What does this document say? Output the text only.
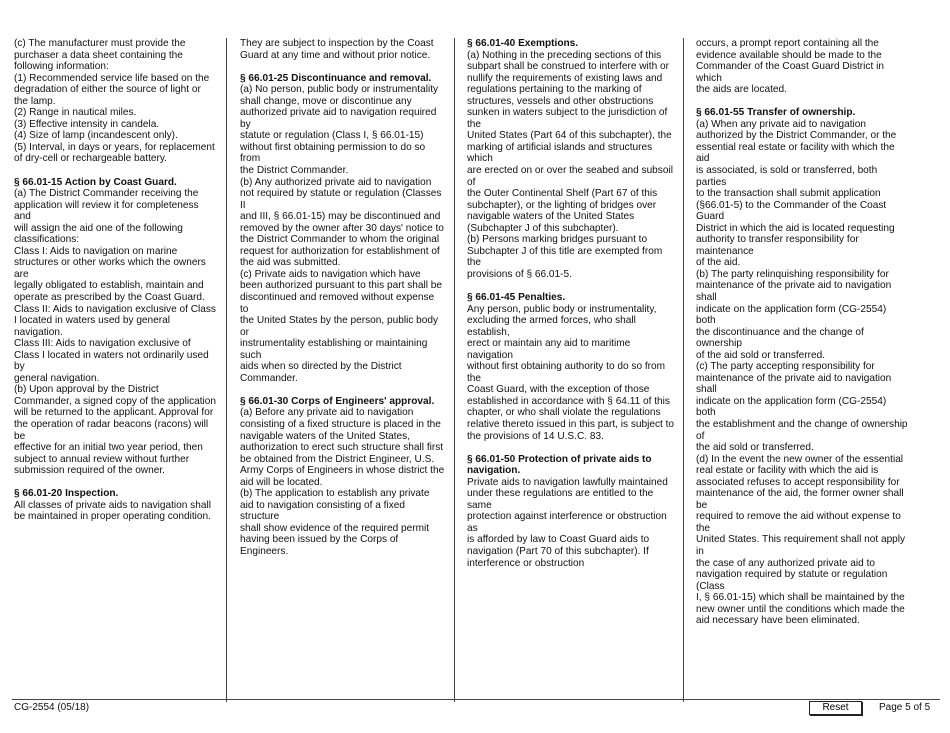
(c) The manufacturer must provide the
purchaser a data sheet containing the
following information:
(1) Recommended service life based on the
degradation of either the source of light or
the lamp.
(2) Range in nautical miles.
(3) Effective intensity in candela.
(4) Size of lamp (incandescent only).
(5) Interval, in days or years, for replacement
of dry-cell or rechargeable battery.
§ 66.01-15 Action by Coast Guard.
(a) The District Commander receiving the
application will review it for completeness and
will assign the aid one of the following
classifications:
Class I: Aids to navigation on marine
structures or other works which the owners are
legally obligated to establish, maintain and
operate as prescribed by the Coast Guard.
Class II: Aids to navigation exclusive of Class
I located in waters used by general navigation.
Class III: Aids to navigation exclusive of
Class I located in waters not ordinarily used by
general navigation.
(b) Upon approval by the District
Commander, a signed copy of the application
will be returned to the applicant. Approval for
the operation of radar beacons (racons) will be
effective for an initial two year period, then
subject to annual review without further
submission required of the owner.
§ 66.01-20 Inspection.
All classes of private aids to navigation shall
be maintained in proper operating condition.
They are subject to inspection by the Coast
Guard at any time and without prior notice.
§ 66.01-25 Discontinuance and removal.
(a) No person, public body or instrumentality
shall change, move or discontinue any
authorized private aid to navigation required by
statute or regulation (Class I, § 66.01-15)
without first obtaining permission to do so from
the District Commander.
(b) Any authorized private aid to navigation
not required by statute or regulation (Classes II
and III, § 66.01-15) may be discontinued and
removed by the owner after 30 days' notice to
the District Commander to whom the original
request for authorization for establishment of
the aid was submitted.
(c) Private aids to navigation which have
been authorized pursuant to this part shall be
discontinued and removed without expense to
the United States by the person, public body or
instrumentality establishing or maintaining such
aids when so directed by the District
Commander.
§ 66.01-30 Corps of Engineers' approval.
(a) Before any private aid to navigation
consisting of a fixed structure is placed in the
navigable waters of the United States,
authorization to erect such structure shall first
be obtained from the District Engineer, U.S.
Army Corps of Engineers in whose district the
aid will be located.
(b) The application to establish any private
aid to navigation consisting of a fixed structure
shall show evidence of the required permit
having been issued by the Corps of Engineers.
§ 66.01-40 Exemptions.
(a) Nothing in the preceding sections of this
subpart shall be construed to interfere with or
nullify the requirements of existing laws and
regulations pertaining to the marking of
structures, vessels and other obstructions
sunken in waters subject to the jurisdiction of the
United States (Part 64 of this subchapter), the
marking of artificial islands and structures which
are erected on or over the seabed and subsoil of
the Outer Continental Shelf (Part 67 of this
subchapter), or the lighting of bridges over
navigable waters of the United States
(Subchapter J of this subchapter).
(b) Persons marking bridges pursuant to
Subchapter J of this title are exempted from the
provisions of § 66.01-5.
§ 66.01-45 Penalties.
Any person, public body or instrumentality,
excluding the armed forces, who shall establish,
erect or maintain any aid to maritime navigation
without first obtaining authority to do so from the
Coast Guard, with the exception of those
established in accordance with § 64.11 of this
chapter, or who shall violate the regulations
relative thereto issued in this part, is subject to
the provisions of 14 U.S.C. 83.
§ 66.01-50 Protection of private aids to
navigation.
Private aids to navigation lawfully maintained
under these regulations are entitled to the same
protection against interference or obstruction as
is afforded by law to Coast Guard aids to
navigation (Part 70 of this subchapter). If
interference or obstruction
occurs, a prompt report containing all the
evidence available should be made to the
Commander of the Coast Guard District in which
the aids are located.
§ 66.01-55 Transfer of ownership.
(a) When any private aid to navigation
authorized by the District Commander, or the
essential real estate or facility with which the aid
is associated, is sold or transferred, both parties
to the transaction shall submit application
(§66.01-5) to the Commander of the Coast Guard
District in which the aid is located requesting
authority to transfer responsibility for maintenance
of the aid.
(b) The party relinquishing responsibility for
maintenance of the private aid to navigation shall
indicate on the application form (CG-2554) both
the discontinuance and the change of ownership
of the aid sold or transferred.
(c) The party accepting responsibility for
maintenance of the private aid to navigation shall
indicate on the application form (CG-2554) both
the establishment and the change of ownership of
the aid sold or transferred.
(d) In the event the new owner of the essential
real estate or facility with which the aid is
associated refuses to accept responsibility for
maintenance of the aid, the former owner shall be
required to remove the aid without expense to the
United States. This requirement shall not apply in
the case of any authorized private aid to
navigation required by statute or regulation (Class
I, § 66.01-15) which shall be maintained by the
new owner until the conditions which made the
aid necessary have been eliminated.
CG-2554 (05/18)	Reset	Page 5 of 5
